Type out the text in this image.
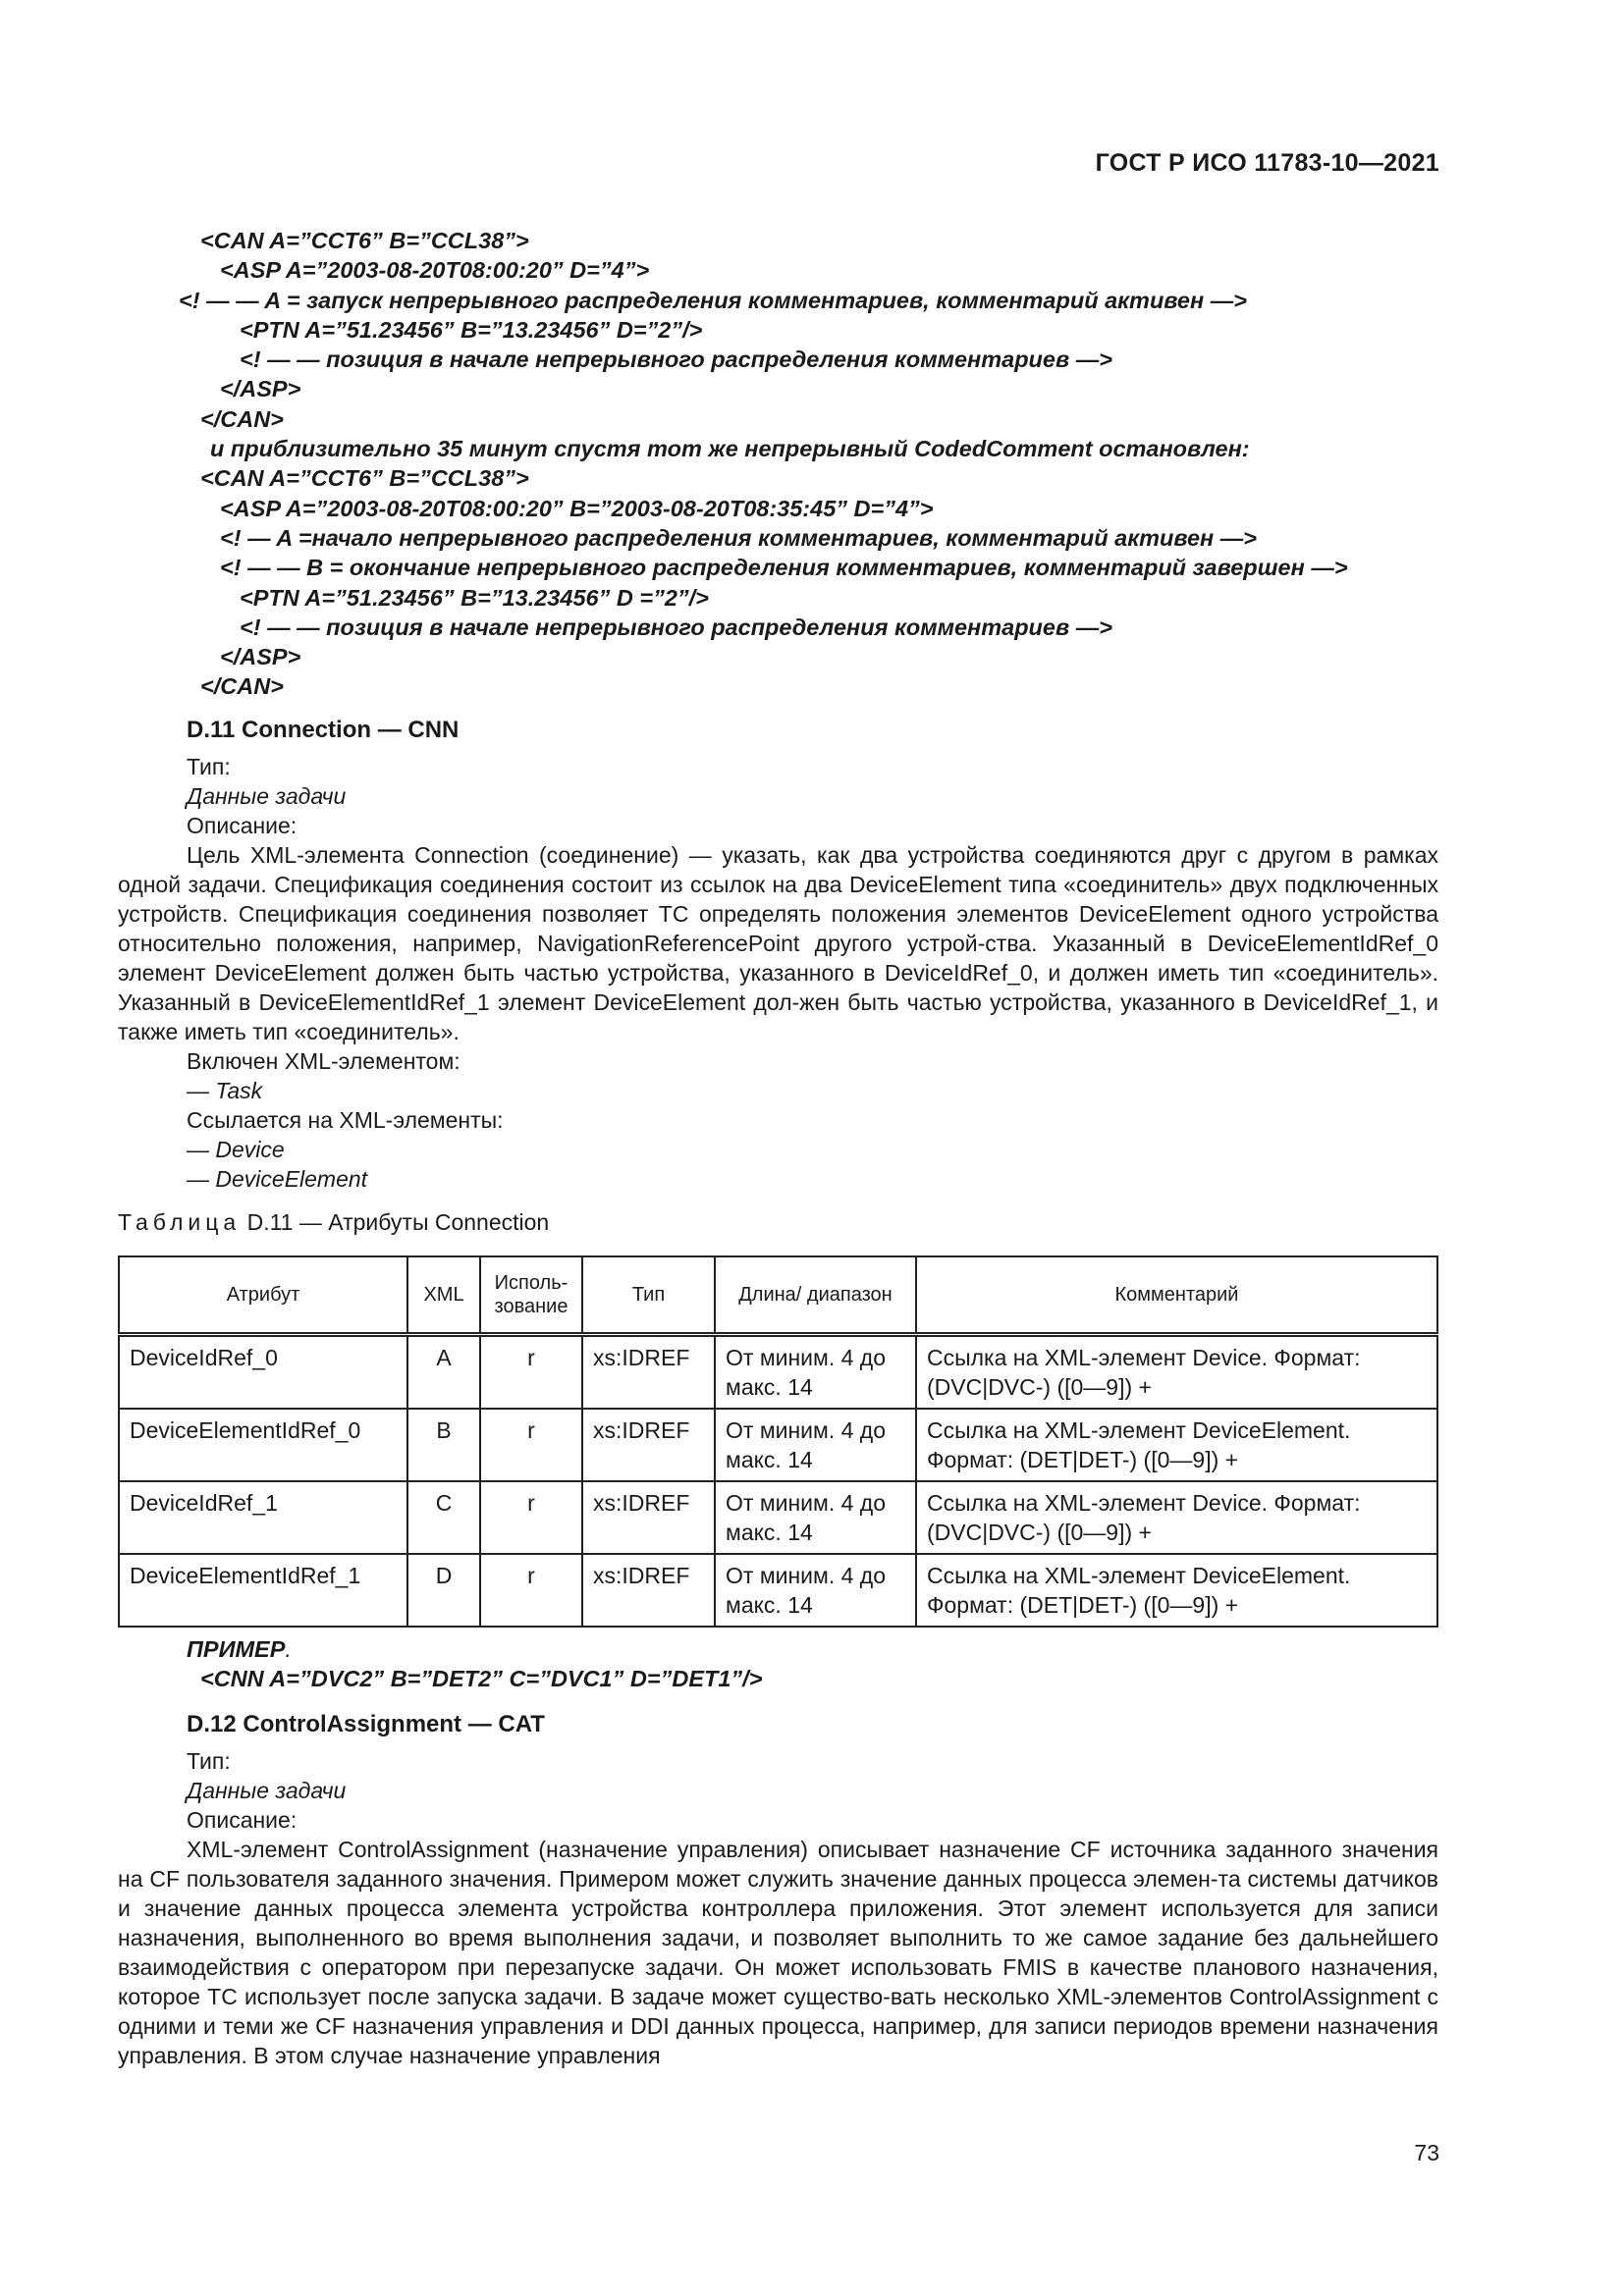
ГОСТ Р ИСО 11783-10—2021
<CAN A=”CCT6” B=”CCL38”>
<ASP A=”2003-08-20T08:00:20” D=”4”>
<! — — A = запуск непрерывного распределения комментариев, комментарий активен —>
<PTN A=”51.23456” B=”13.23456” D=”2”/>
<! — — позиция в начале непрерывного распределения комментариев —>
</ASP>
</CAN>
и приблизительно 35 минут спустя тот же непрерывный CodedComment остановлен:
<CAN A=”CCT6” B=”CCL38”>
<ASP A=”2003-08-20T08:00:20” B=”2003-08-20T08:35:45” D=”4”>
<! — A =начало непрерывного распределения комментариев, комментарий активен —>
<! — — B = окончание непрерывного распределения комментариев, комментарий завершен —>
<PTN A=”51.23456” B=”13.23456” D =”2”/>
<! — — позиция в начале непрерывного распределения комментариев —>
</ASP>
</CAN>
D.11 Connection — CNN
Тип:
Данные задачи
Описание:
Цель XML-элемента Connection (соединение) — указать, как два устройства соединяются друг с другом в рамках одной задачи. Спецификация соединения состоит из ссылок на два DeviceElement типа «соединитель» двух подключенных устройств. Спецификация соединения позволяет ТС определять положения элементов DeviceElement одного устройства относительно положения, например, NavigationReferencePoint другого устрой-ства. Указанный в DeviceElementIdRef_0 элемент DeviceElement должен быть частью устройства, указанного в DeviceIdRef_0, и должен иметь тип «соединитель». Указанный в DeviceElementIdRef_1 элемент DeviceElement дол-жен быть частью устройства, указанного в DeviceIdRef_1, и также иметь тип «соединитель».
Включен XML-элементом:
— Task
Ссылается на XML-элементы:
— Device
— DeviceElement
Таблица D.11 — Атрибуты Connection
Атрибут	XML	Исполь-зование	Тип	Длина/ диапазон	Комментарий
DeviceIdRef_0	A	r	xs:IDREF	От миним. 4 до макс. 14	Ссылка на XML-элемент Device. Формат: (DVC|DVC-) ([0—9]) +
DeviceElementIdRef_0	B	r	xs:IDREF	От миним. 4 до макс. 14	Ссылка на XML-элемент DeviceElement. Формат: (DET|DET-) ([0—9]) +
DeviceIdRef_1	C	r	xs:IDREF	От миним. 4 до макс. 14	Ссылка на XML-элемент Device. Формат: (DVC|DVC-) ([0—9]) +
DeviceElementIdRef_1	D	r	xs:IDREF	От миним. 4 до макс. 14	Ссылка на XML-элемент DeviceElement. Формат: (DET|DET-) ([0—9]) +
ПРИМЕР.
<CNN A=”DVC2” B=”DET2” C=”DVC1” D=”DET1”/>
D.12 ControlAssignment — CAT
Тип:
Данные задачи
Описание:
XML-элемент ControlAssignment (назначение управления) описывает назначение CF источника заданного значения на CF пользователя заданного значения. Примером может служить значение данных процесса элемен-та системы датчиков и значение данных процесса элемента устройства контроллера приложения. Этот элемент используется для записи назначения, выполненного во время выполнения задачи, и позволяет выполнить то же самое задание без дальнейшего взаимодействия с оператором при перезапуске задачи. Он может использовать FMIS в качестве планового назначения, которое ТС использует после запуска задачи. В задаче может существо-вать несколько XML-элементов ControlAssignment с одними и теми же CF назначения управления и DDI данных процесса, например, для записи периодов времени назначения управления. В этом случае назначение управления
73
